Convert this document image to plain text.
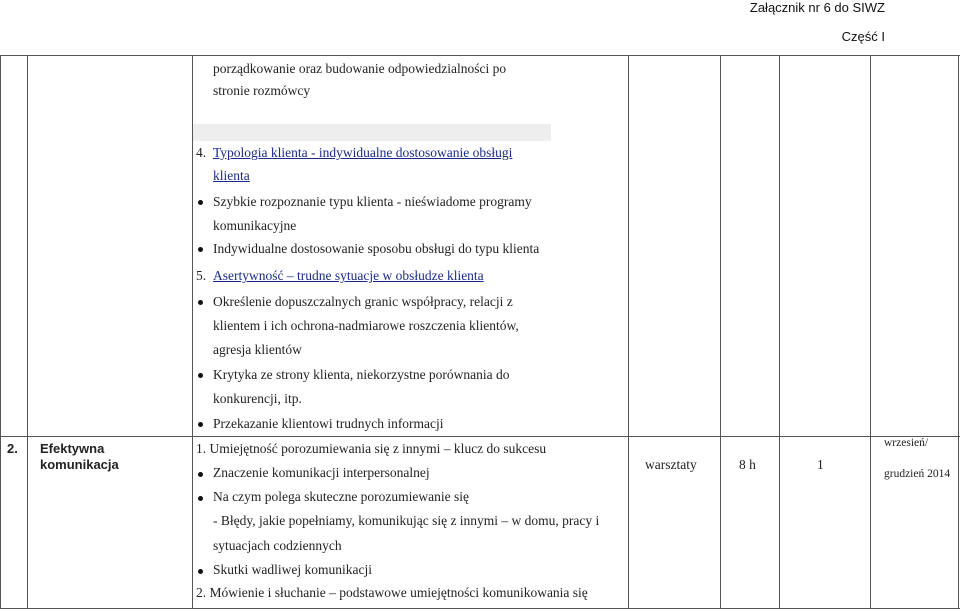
Załącznik nr 6 do SIWZ
Część I
porządkowanie oraz budowanie odpowiedzialności po
stronie rozmówcy
4. Typologia klienta - indywidualne dostosowanie obsługi
klienta
Szybkie rozpoznanie typu klienta - nieświadome programy
komunikacyjne
Indywidualne dostosowanie sposobu obsługi do typu klienta
5. Asertywność – trudne sytuacje w obsłudze klienta
Określenie dopuszczalnych granic współpracy, relacji z
klientem i ich ochrona-nadmiarowe roszczenia klientów,
agresja klientów
Krytyka ze strony klienta, niekorzystne porównania do
konkurencji, itp.
Przekazanie klientowi trudnych informacji
2. Efektywna
komunikacja
1. Umiejętność porozumiewania się z innymi – klucz do sukcesu
Znaczenie komunikacji interpersonalnej
Na czym polega skuteczne porozumiewanie się
- Błędy, jakie popełniamy, komunikując się z innymi – w domu, pracy i
sytuacjach codziennych
Skutki wadliwej komunikacji
2. Mówienie i słuchanie – podstawowe umiejętności komunikowania się
warsztaty	8 h	1
wrzesień/
grudzień 2014
